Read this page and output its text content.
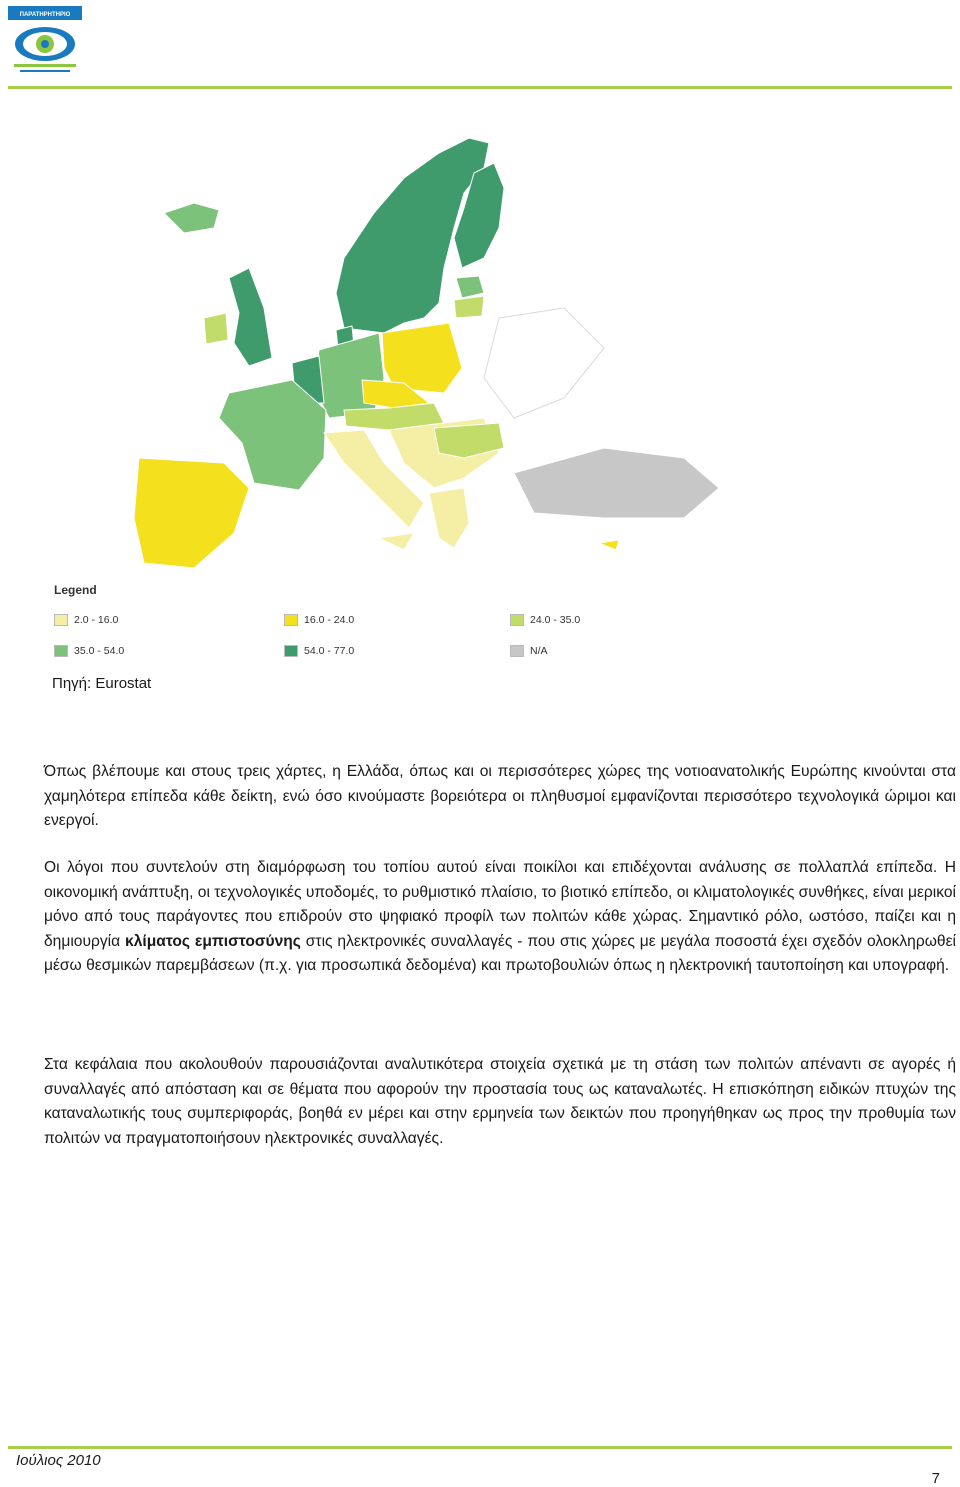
ΠΑΡΑΤΗΡΗΤΗΡΙΟ
Legend
2.0 - 16.0	16.0 - 24.0	24.0 - 35.0
35.0 - 54.0	54.0 - 77.0	N/A
Πηγή: Eurostat

Όπως βλέπουμε και στους τρεις χάρτες, η Ελλάδα, όπως και οι περισσότερες χώρες της νοτιοανατολικής Ευρώπης κινούνται στα χαμηλότερα επίπεδα κάθε δείκτη, ενώ όσο κινούμαστε βορειότερα οι πληθυσμοί εμφανίζονται περισσότερο τεχνολογικά ώριμοι και ενεργοί.

Οι λόγοι που συντελούν στη διαμόρφωση του τοπίου αυτού είναι ποικίλοι και επιδέχονται ανάλυσης σε πολλαπλά επίπεδα. Η οικονομική ανάπτυξη, οι τεχνολογικές υποδομές, το ρυθμιστικό πλαίσιο, το βιοτικό επίπεδο, οι κλιματολογικές συνθήκες, είναι μερικοί μόνο από τους παράγοντες που επιδρούν στο ψηφιακό προφίλ των πολιτών κάθε χώρας. Σημαντικό ρόλο, ωστόσο, παίζει και η δημιουργία κλίματος εμπιστοσύνης στις ηλεκτρονικές συναλλαγές - που στις χώρες με μεγάλα ποσοστά έχει σχεδόν ολοκληρωθεί μέσω θεσμικών παρεμβάσεων (π.χ. για προσωπικά δεδομένα) και πρωτοβουλιών όπως η ηλεκτρονική ταυτοποίηση και υπογραφή.

Στα κεφάλαια που ακολουθούν παρουσιάζονται αναλυτικότερα στοιχεία σχετικά με τη στάση των πολιτών απέναντι σε αγορές ή συναλλαγές από απόσταση και σε θέματα που αφορούν την προστασία τους ως καταναλωτές. Η επισκόπηση ειδικών πτυχών της καταναλωτικής τους συμπεριφοράς, βοηθά εν μέρει και στην ερμηνεία των δεικτών που προηγήθηκαν ως προς την προθυμία των πολιτών να πραγματοποιήσουν ηλεκτρονικές συναλλαγές.

Ιούλιος 2010
7
